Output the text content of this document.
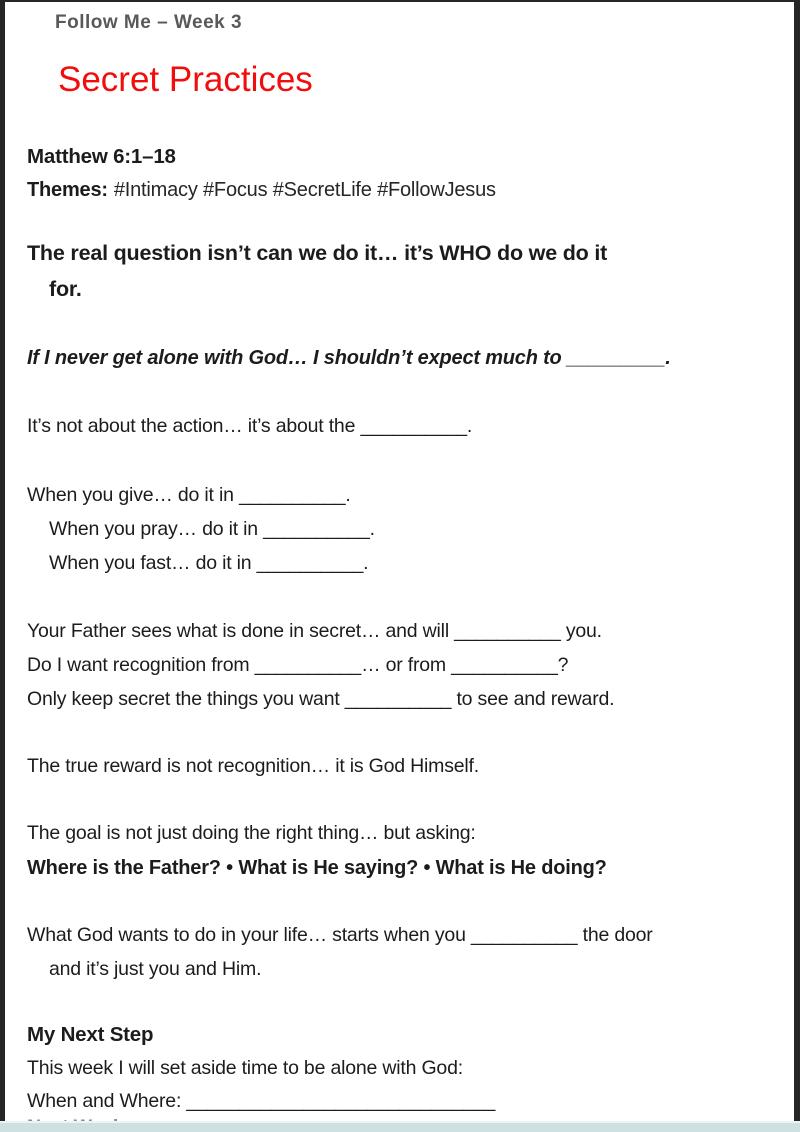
Follow Me – Week 3
Secret Practices
Matthew 6:1–18
Themes: #Intimacy #Focus #SecretLife #FollowJesus
The real question isn’t can we do it… it’s WHO do we do it
for.
If I never get alone with God… I shouldn’t expect much to _________.
It’s not about the action… it’s about the __________.
When you give… do it in __________.
When you pray… do it in __________.
When you fast… do it in __________.
Your Father sees what is done in secret… and will __________ you.
Do I want recognition from __________… or from __________?
Only keep secret the things you want __________ to see and reward.
The true reward is not recognition… it is God Himself.
The goal is not just doing the right thing… but asking:
Where is the Father? • What is He saying? • What is He doing?
What God wants to do in your life… starts when you __________ the door
and it’s just you and Him.
My Next Step
This week I will set aside time to be alone with God:
When and Where: _____________________________
